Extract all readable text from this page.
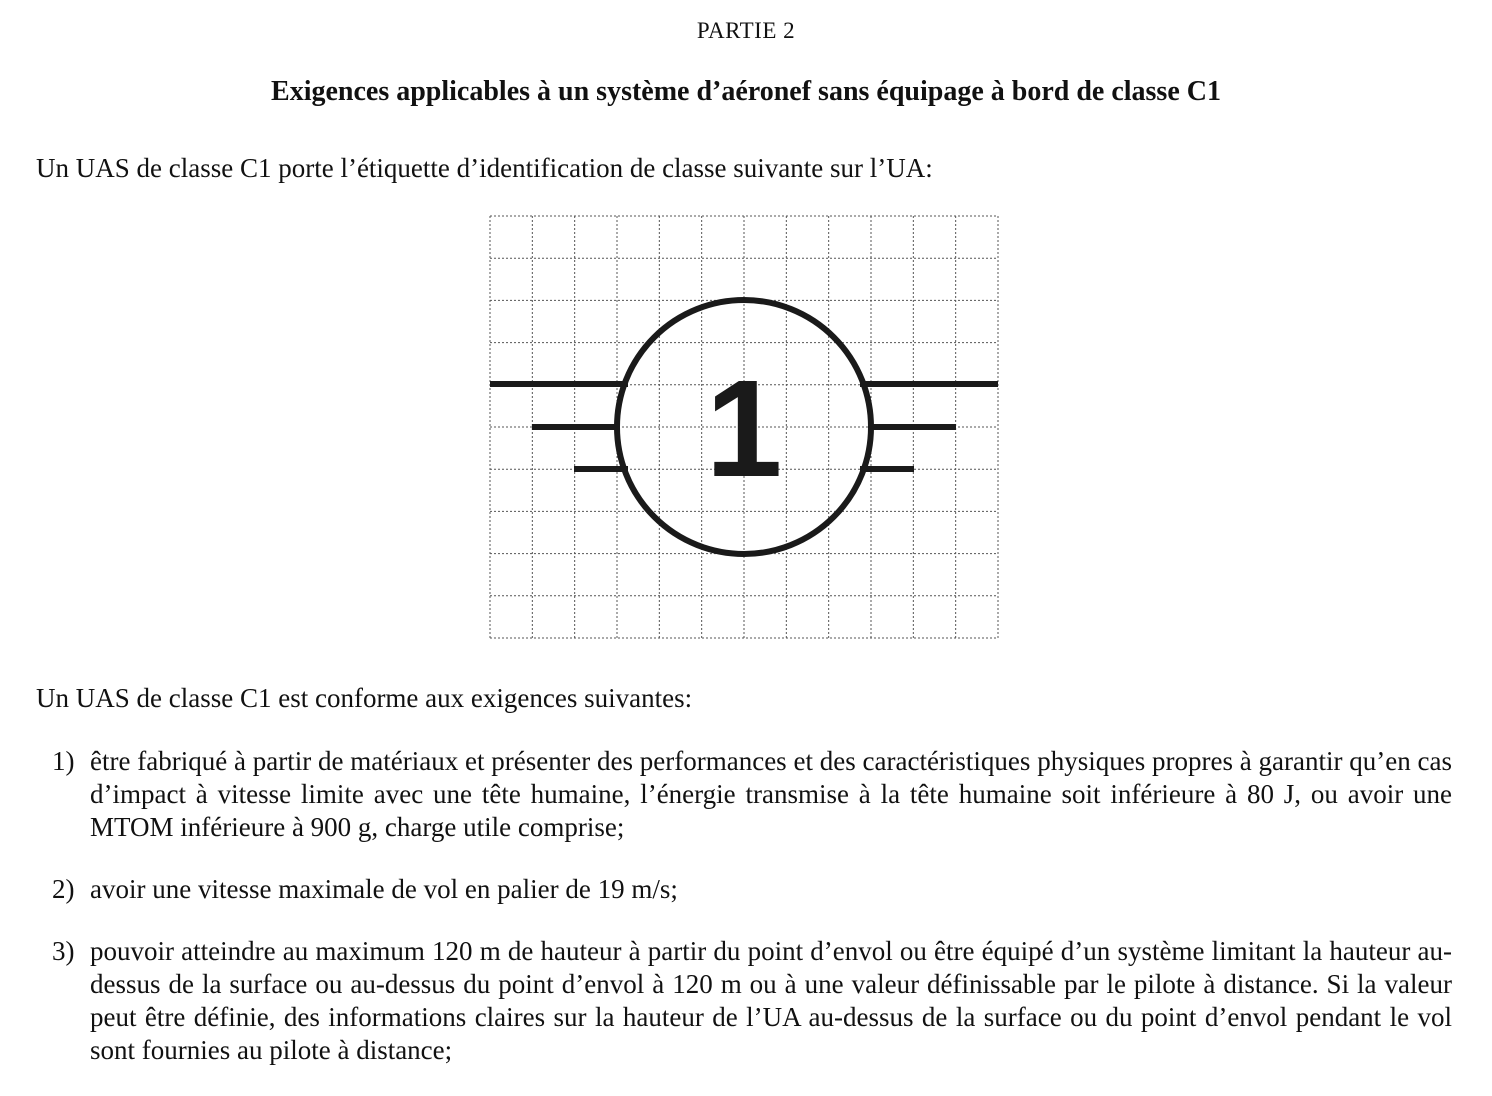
PARTIE 2
Exigences applicables à un système d’aéronef sans équipage à bord de classe C1
Un UAS de classe C1 porte l’étiquette d’identification de classe suivante sur l’UA:
1
Un UAS de classe C1 est conforme aux exigences suivantes:
1) être fabriqué à partir de matériaux et présenter des performances et des caractéristiques physiques propres à garantir qu’en cas d’impact à vitesse limite avec une tête humaine, l’énergie transmise à la tête humaine soit inférieure à 80 J, ou avoir une MTOM inférieure à 900 g, charge utile comprise;
2) avoir une vitesse maximale de vol en palier de 19 m/s;
3) pouvoir atteindre au maximum 120 m de hauteur à partir du point d’envol ou être équipé d’un système limitant la hauteur au-dessus de la surface ou au-dessus du point d’envol à 120 m ou à une valeur définissable par le pilote à distance. Si la valeur peut être définie, des informations claires sur la hauteur de l’UA au-dessus de la surface ou du point d’envol pendant le vol sont fournies au pilote à distance;
